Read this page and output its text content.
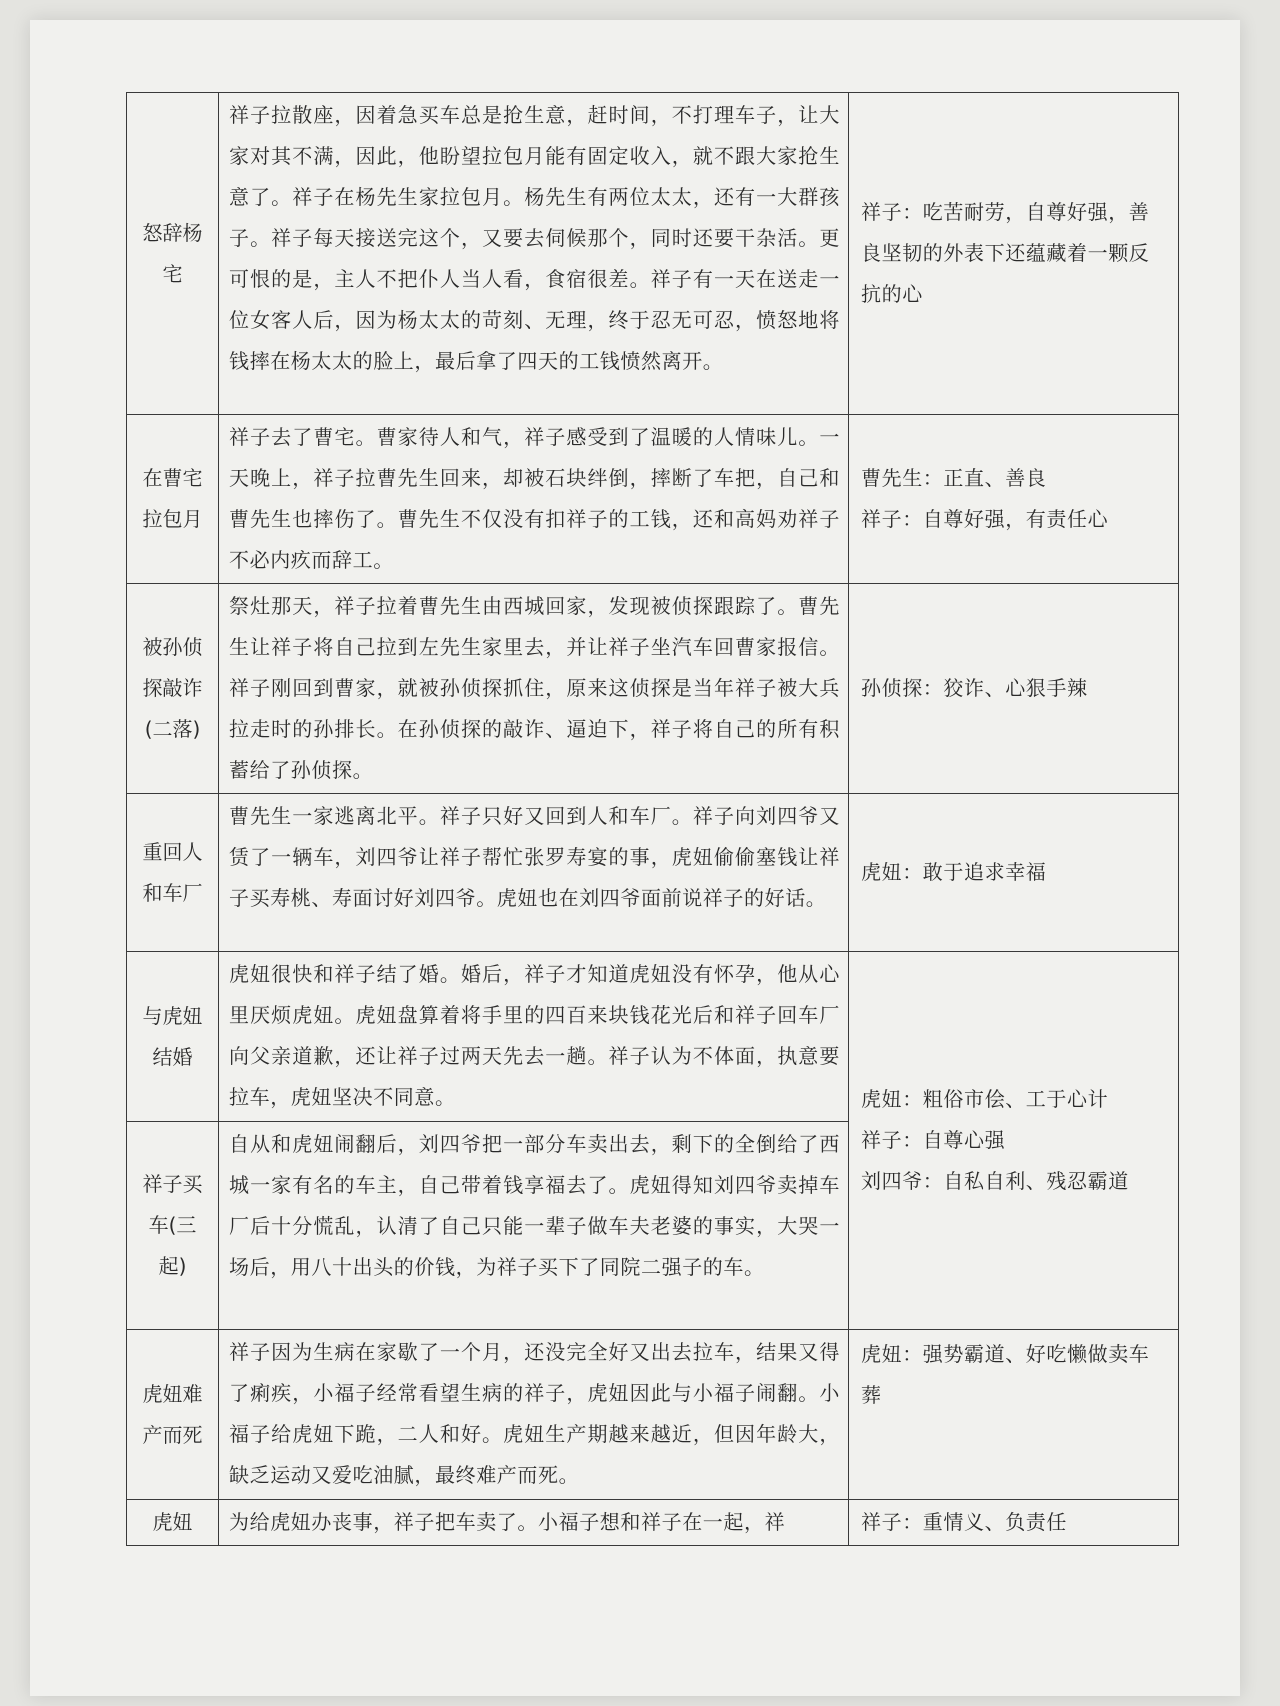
怒辞杨宅	祥子拉散座，因着急买车总是抢生意，赶时间，不打理车子，让大家对其不满，因此，他盼望拉包月能有固定收入，就不跟大家抢生意了。祥子在杨先生家拉包月。杨先生有两位太太，还有一大群孩子。祥子每天接送完这个，又要去伺候那个，同时还要干杂活。更可恨的是，主人不把仆人当人看，食宿很差。祥子有一天在送走一位女客人后，因为杨太太的苛刻、无理，终于忍无可忍，愤怒地将钱摔在杨太太的脸上，最后拿了四天的工钱愤然离开。	祥子：吃苦耐劳，自尊好强，善良坚韧的外表下还蕴藏着一颗反抗的心

在曹宅拉包月	祥子去了曹宅。曹家待人和气，祥子感受到了温暖的人情味儿。一天晚上，祥子拉曹先生回来，却被石块绊倒，摔断了车把，自己和曹先生也摔伤了。曹先生不仅没有扣祥子的工钱，还和高妈劝祥子不必内疚而辞工。	曹先生：正直、善良
祥子：自尊好强，有责任心

被孙侦探敲诈(二落)	祭灶那天，祥子拉着曹先生由西城回家，发现被侦探跟踪了。曹先生让祥子将自己拉到左先生家里去，并让祥子坐汽车回曹家报信。祥子刚回到曹家，就被孙侦探抓住，原来这侦探是当年祥子被大兵拉走时的孙排长。在孙侦探的敲诈、逼迫下，祥子将自己的所有积蓄给了孙侦探。	孙侦探：狡诈、心狠手辣

重回人和车厂	曹先生一家逃离北平。祥子只好又回到人和车厂。祥子向刘四爷又赁了一辆车，刘四爷让祥子帮忙张罗寿宴的事，虎妞偷偷塞钱让祥子买寿桃、寿面讨好刘四爷。虎妞也在刘四爷面前说祥子的好话。	虎妞：敢于追求幸福

与虎妞结婚	虎妞很快和祥子结了婚。婚后，祥子才知道虎妞没有怀孕，他从心里厌烦虎妞。虎妞盘算着将手里的四百来块钱花光后和祥子回车厂向父亲道歉，还让祥子过两天先去一趟。祥子认为不体面，执意要拉车，虎妞坚决不同意。	虎妞：粗俗市侩、工于心计
祥子：自尊心强
刘四爷：自私自利、残忍霸道

祥子买车(三起)	自从和虎妞闹翻后，刘四爷把一部分车卖出去，剩下的全倒给了西城一家有名的车主，自己带着钱享福去了。虎妞得知刘四爷卖掉车厂后十分慌乱，认清了自己只能一辈子做车夫老婆的事实，大哭一场后，用八十出头的价钱，为祥子买下了同院二强子的车。	
虎妞难产而死	祥子因为生病在家歇了一个月，还没完全好又出去拉车，结果又得了痢疾，小福子经常看望生病的祥子，虎妞因此与小福子闹翻。小福子给虎妞下跪，二人和好。虎妞生产期越来越近，但因年龄大，缺乏运动又爱吃油腻，最终难产而死。	虎妞：强势霸道、好吃懒做卖车葬

虎妞	为给虎妞办丧事，祥子把车卖了。小福子想和祥子在一起，祥	祥子：重情义、负责任
